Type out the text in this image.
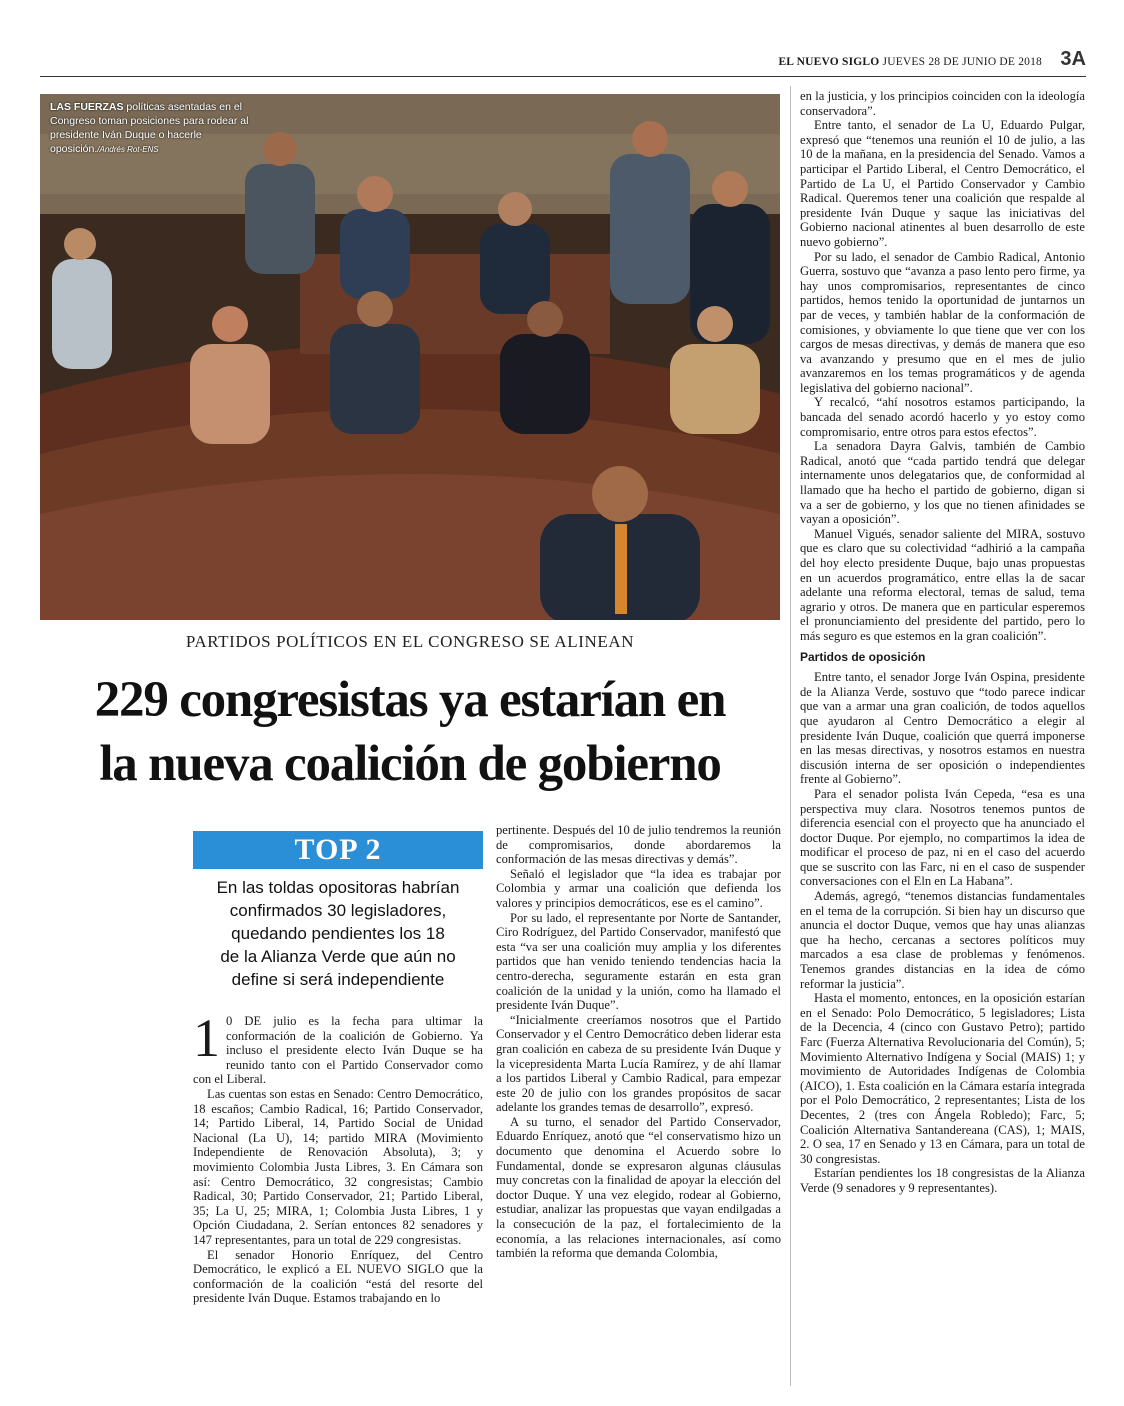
EL NUEVO SIGLO JUEVES 28 DE JUNIO DE 2018 3A
LAS FUERZAS políticas asentadas en el Congreso toman posiciones para rodear al presidente Iván Duque o hacerle oposición./Andrés Rot-ENS
PARTIDOS POLÍTICOS EN EL CONGRESO SE ALINEAN
229 congresistas ya estarían en
la nueva coalición de gobierno
TOP 2
En las toldas opositoras habrían
confirmados 30 legisladores,
quedando pendientes los 18
de la Alianza Verde que aún no
define si será independiente

1 0 DE julio es la fecha para ultimar la conformación de la coalición de Gobierno. Ya incluso el presidente electo Iván Duque se ha reunido tanto con el Partido Conservador como con el Liberal.

Las cuentas son estas en Senado: Centro Democrático, 18 escaños; Cambio Radical, 16; Partido Conservador, 14; Partido Liberal, 14, Partido Social de Unidad Nacional (La U), 14; partido MIRA (Movimiento Independiente de Renovación Absoluta), 3; y movimiento Colombia Justa Libres, 3. En Cámara son así: Centro Democrático, 32 congresistas; Cambio Radical, 30; Partido Conservador, 21; Partido Liberal, 35; La U, 25; MIRA, 1; Colombia Justa Libres, 1 y Opción Ciudadana, 2. Serían entonces 82 senadores y 147 representantes, para un total de 229 congresistas.

El senador Honorio Enríquez, del Centro Democrático, le explicó a EL NUEVO SIGLO que la conformación de la coalición “está del resorte del presidente Iván Duque. Estamos trabajando en lo

pertinente. Después del 10 de julio tendremos la reunión de compromisarios, donde abordaremos la conformación de las mesas directivas y demás”.

Señaló el legislador que “la idea es trabajar por Colombia y armar una coalición que defienda los valores y principios democráticos, ese es el camino”.

Por su lado, el representante por Norte de Santander, Ciro Rodríguez, del Partido Conservador, manifestó que esta “va ser una coalición muy amplia y los diferentes partidos que han venido teniendo tendencias hacia la centro-derecha, seguramente estarán en esta gran coalición de la unidad y la unión, como ha llamado el presidente Iván Duque”.

“Inicialmente creeríamos nosotros que el Partido Conservador y el Centro Democrático deben liderar esta gran coalición en cabeza de su presidente Iván Duque y la vicepresidenta Marta Lucía Ramírez, y de ahí llamar a los partidos Liberal y Cambio Radical, para empezar este 20 de julio con los grandes propósitos de sacar adelante los grandes temas de desarrollo”, expresó.

A su turno, el senador del Partido Conservador, Eduardo Enríquez, anotó que “el conservatismo hizo un documento que denomina el Acuerdo sobre lo Fundamental, donde se expresaron algunas cláusulas muy concretas con la finalidad de apoyar la elección del doctor Duque. Y una vez elegido, rodear al Gobierno, estudiar, analizar las propuestas que vayan endilgadas a la consecución de la paz, el fortalecimiento de la economía, a las relaciones internacionales, así como también la reforma que demanda Colombia,

en la justicia, y los principios coinciden con la ideología conservadora”.

Entre tanto, el senador de La U, Eduardo Pulgar, expresó que “tenemos una reunión el 10 de julio, a las 10 de la mañana, en la presidencia del Senado. Vamos a participar el Partido Liberal, el Centro Democrático, el Partido de La U, el Partido Conservador y Cambio Radical. Queremos tener una coalición que respalde al presidente Iván Duque y saque las iniciativas del Gobierno nacional atinentes al buen desarrollo de este nuevo gobierno”.

Por su lado, el senador de Cambio Radical, Antonio Guerra, sostuvo que “avanza a paso lento pero firme, ya hay unos compromisarios, representantes de cinco partidos, hemos tenido la oportunidad de juntarnos un par de veces, y también hablar de la conformación de comisiones, y obviamente lo que tiene que ver con los cargos de mesas directivas, y demás de manera que eso va avanzando y presumo que en el mes de julio avanzaremos en los temas programáticos y de agenda legislativa del gobierno nacional”.

Y recalcó, “ahí nosotros estamos participando, la bancada del senado acordó hacerlo y yo estoy como compromisario, entre otros para estos efectos”.

La senadora Dayra Galvis, también de Cambio Radical, anotó que “cada partido tendrá que delegar internamente unos delegatarios que, de conformidad al llamado que ha hecho el partido de gobierno, digan si va a ser de gobierno, y los que no tienen afinidades se vayan a oposición”.

Manuel Vigués, senador saliente del MIRA, sostuvo que es claro que su colectividad “adhirió a la campaña del hoy electo presidente Duque, bajo unas propuestas en un acuerdos programático, entre ellas la de sacar adelante una reforma electoral, temas de salud, tema agrario y otros. De manera que en particular esperemos el pronunciamiento del presidente del partido, pero lo más seguro es que estemos en la gran coalición”.

Partidos de oposición

Entre tanto, el senador Jorge Iván Ospina, presidente de la Alianza Verde, sostuvo que “todo parece indicar que van a armar una gran coalición, de todos aquellos que ayudaron al Centro Democrático a elegir al presidente Iván Duque, coalición que querrá imponerse en las mesas directivas, y nosotros estamos en nuestra discusión interna de ser oposición o independientes frente al Gobierno”.

Para el senador polista Iván Cepeda, “esa es una perspectiva muy clara. Nosotros tenemos puntos de diferencia esencial con el proyecto que ha anunciado el doctor Duque. Por ejemplo, no compartimos la idea de modificar el proceso de paz, ni en el caso del acuerdo que se suscrito con las Farc, ni en el caso de suspender conversaciones con el Eln en La Habana”.

Además, agregó, “tenemos distancias fundamentales en el tema de la corrupción. Si bien hay un discurso que anuncia el doctor Duque, vemos que hay unas alianzas que ha hecho, cercanas a sectores políticos muy marcados a esa clase de problemas y fenómenos. Tenemos grandes distancias en la idea de cómo reformar la justicia”.

Hasta el momento, entonces, en la oposición estarían en el Senado: Polo Democrático, 5 legisladores; Lista de la Decencia, 4 (cinco con Gustavo Petro); partido Farc (Fuerza Alternativa Revolucionaria del Común), 5; Movimiento Alternativo Indígena y Social (MAIS) 1; y movimiento de Autoridades Indígenas de Colombia (AICO), 1. Esta coalición en la Cámara estaría integrada por el Polo Democrático, 2 representantes; Lista de los Decentes, 2 (tres con Ángela Robledo); Farc, 5; Coalición Alternativa Santandereana (CAS), 1; MAIS, 2. O sea, 17 en Senado y 13 en Cámara, para un total de 30 congresistas.

Estarían pendientes los 18 congresistas de la Alianza Verde (9 senadores y 9 representantes).
